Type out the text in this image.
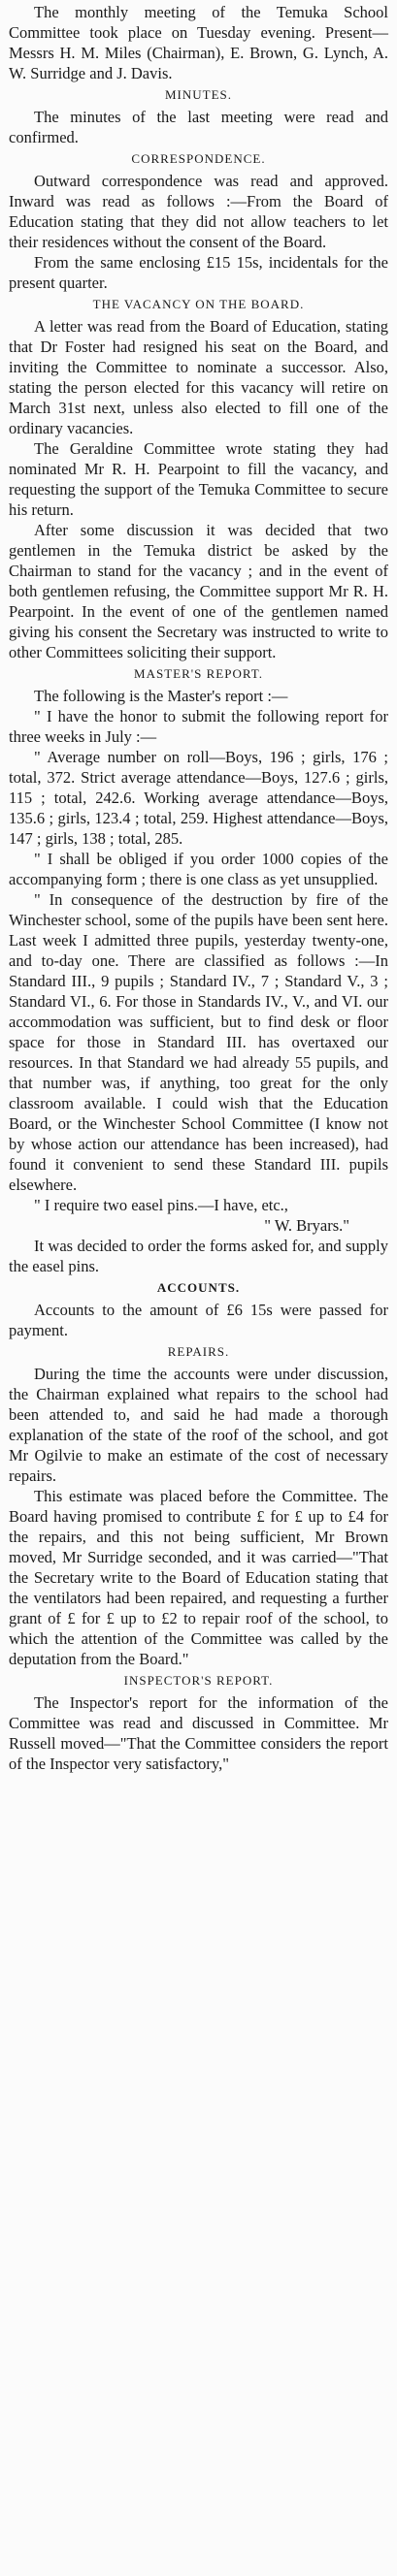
The monthly meeting of the Temuka School Committee took place on Tuesday evening. Present—Messrs H. M. Miles (Chairman), E. Brown, G. Lynch, A. W. Surridge and J. Davis.

MINUTES.

The minutes of the last meeting were read and confirmed.

CORRESPONDENCE.

Outward correspondence was read and approved. Inward was read as follows :—From the Board of Education stating that they did not allow teachers to let their residences without the consent of the Board.

From the same enclosing £15 15s, incidentals for the present quarter.

THE VACANCY ON THE BOARD.

A letter was read from the Board of Education, stating that Dr Foster had resigned his seat on the Board, and inviting the Committee to nominate a successor. Also, stating the person elected for this vacancy will retire on March 31st next, unless also elected to fill one of the ordinary vacancies.

The Geraldine Committee wrote stating they had nominated Mr R. H. Pearpoint to fill the vacancy, and requesting the support of the Temuka Committee to secure his return.

After some discussion it was decided that two gentlemen in the Temuka district be asked by the Chairman to stand for the vacancy ; and in the event of both gentlemen refusing, the Committee support Mr R. H. Pearpoint. In the event of one of the gentlemen named giving his consent the Secretary was instructed to write to other Committees soliciting their support.

MASTER'S REPORT.

The following is the Master's report :—

" I have the honor to submit the following report for three weeks in July :—

" Average number on roll—Boys, 196 ; girls, 176 ; total, 372. Strict average attendance—Boys, 127.6 ; girls, 115 ; total, 242.6. Working average attendance—Boys, 135.6 ; girls, 123.4 ; total, 259. Highest attendance—Boys, 147 ; girls, 138 ; total, 285.

" I shall be obliged if you order 1000 copies of the accompanying form ; there is one class as yet unsupplied.

" In consequence of the destruction by fire of the Winchester school, some of the pupils have been sent here. Last week I admitted three pupils, yesterday twenty-one, and to-day one. There are classified as follows :—In Standard III., 9 pupils ; Standard IV., 7 ; Standard V., 3 ; Standard VI., 6. For those in Standards IV., V., and VI. our accommodation was sufficient, but to find desk or floor space for those in Standard III. has overtaxed our resources. In that Standard we had already 55 pupils, and that number was, if anything, too great for the only classroom available. I could wish that the Education Board, or the Winchester School Committee (I know not by whose action our attendance has been increased), had found it convenient to send these Standard III. pupils elsewhere.

" I require two easel pins.—I have, etc.,

" W. Bryars."

It was decided to order the forms asked for, and supply the easel pins.

ACCOUNTS.

Accounts to the amount of £6 15s were passed for payment.

REPAIRS.

During the time the accounts were under discussion, the Chairman explained what repairs to the school had been attended to, and said he had made a thorough explanation of the state of the roof of the school, and got Mr Ogilvie to make an estimate of the cost of necessary repairs.

This estimate was placed before the Committee. The Board having promised to contribute £ for £ up to £4 for the repairs, and this not being sufficient, Mr Brown moved, Mr Surridge seconded, and it was carried—"That the Secretary write to the Board of Education stating that the ventilators had been repaired, and requesting a further grant of £ for £ up to £2 to repair roof of the school, to which the attention of the Committee was called by the deputation from the Board."

INSPECTOR'S REPORT.

The Inspector's report for the information of the Committee was read and discussed in Committee. Mr Russell moved—"That the Committee considers the report of the Inspector very satisfactory,"
